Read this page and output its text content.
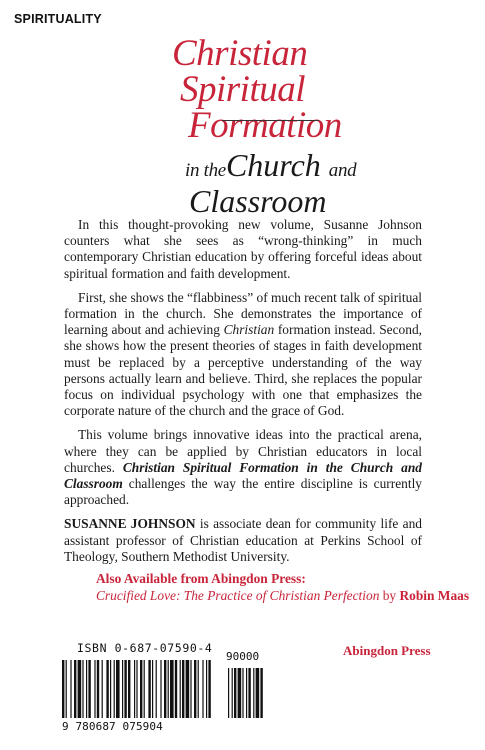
SPIRITUALITY
Christian
Spiritual
Formation
in theChurch and
Classroom

In this thought-provoking new volume, Susanne Johnson counters what she sees as “wrong-thinking” in much contemporary Christian education by offering forceful ideas about spiritual formation and faith development.

First, she shows the “flabbiness” of much recent talk of spiritual formation in the church. She demonstrates the importance of learning about and achieving Christian formation instead. Second, she shows how the present theories of stages in faith development must be replaced by a perceptive understanding of the way persons actually learn and believe. Third, she replaces the popular focus on individual psychology with one that emphasizes the corporate nature of the church and the grace of God.

This volume brings innovative ideas into the practical arena, where they can be applied by Christian educators in local churches. Christian Spiritual Formation in the Church and Classroom challenges the way the entire discipline is currently approached.

SUSANNE JOHNSON is associate dean for community life and assistant professor of Christian education at Perkins School of Theology, Southern Methodist University.

Also Available from Abingdon Press:
Crucified Love: The Practice of Christian Perfection by Robin Maas
ISBN 0-687-07590-4	Abingdon Press
90000
9 780687 075904
